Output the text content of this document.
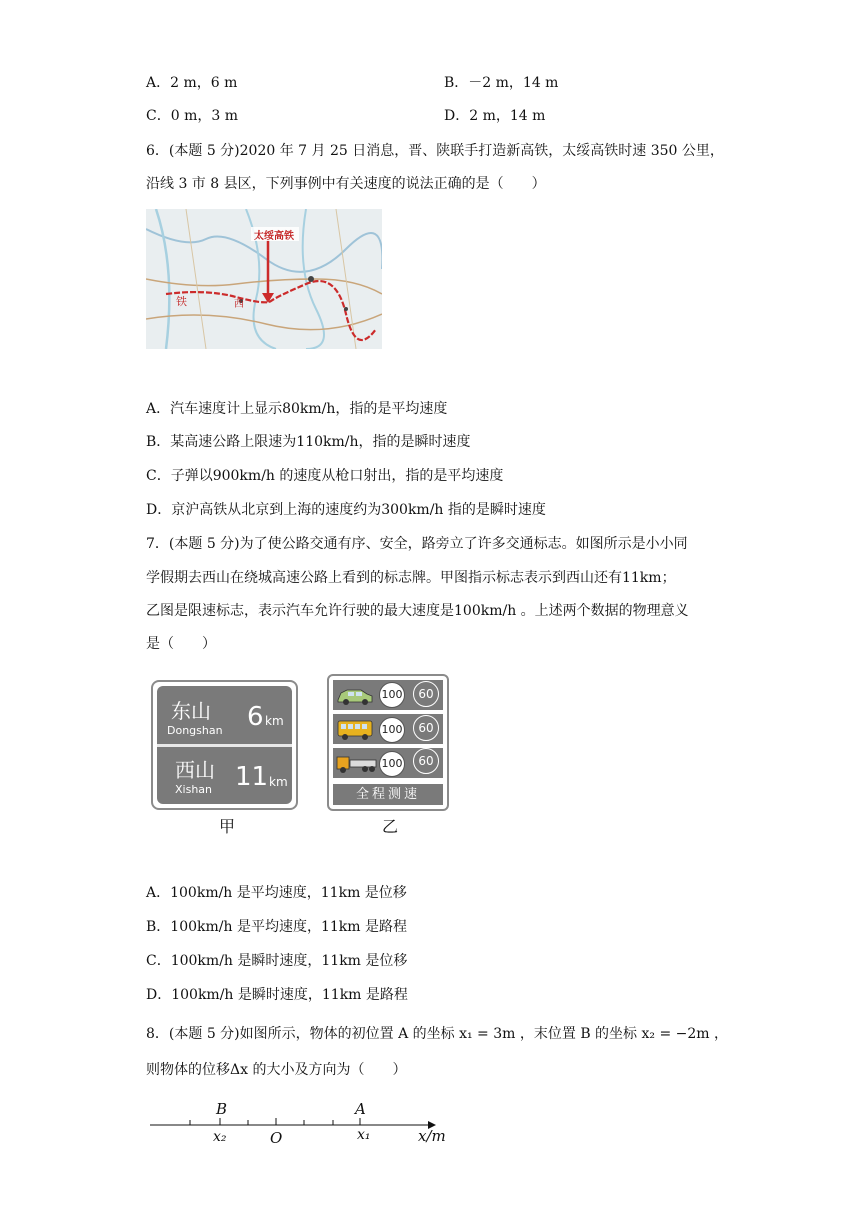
A．2 m，6 m	B．－2 m，14 m
C．0 m，3 m	D．2 m，14 m
6．(本题 5 分)2020 年 7 月 25 日消息，晋、陕联手打造新高铁，太绥高铁时速 350 公里，
沿线 3 市 8 县区，下列事例中有关速度的说法正确的是（　　）
太绥高铁
铁	西
A．汽车速度计上显示80km/h，指的是平均速度
B．某高速公路上限速为110km/h，指的是瞬时速度
C．子弹以900km/h 的速度从枪口射出，指的是平均速度
D．京沪高铁从北京到上海的速度约为300km/h 指的是瞬时速度
7．(本题 5 分)为了使公路交通有序、安全，路旁立了许多交通标志。如图所示是小小同
学假期去西山在绕城高速公路上看到的标志牌。甲图指示标志表示到西山还有11km；
乙图是限速标志，表示汽车允许行驶的最大速度是100km/h 。上述两个数据的物理意义
是（　　）
东山
Dongshan 6 km
西山
Xishan 11 km
甲
100	60
100	60
100	60
全程测速
乙
A．100km/h 是平均速度，11km 是位移
B．100km/h 是平均速度，11km 是路程
C．100km/h 是瞬时速度，11km 是位移
D．100km/h 是瞬时速度，11km 是路程
8．(本题 5 分)如图所示，物体的初位置 A 的坐标 x₁ = 3m ，末位置 B 的坐标 x₂ = −2m ，
则物体的位移Δx 的大小及方向为（　　）
B	A
x₂	O	x₁	x/m
